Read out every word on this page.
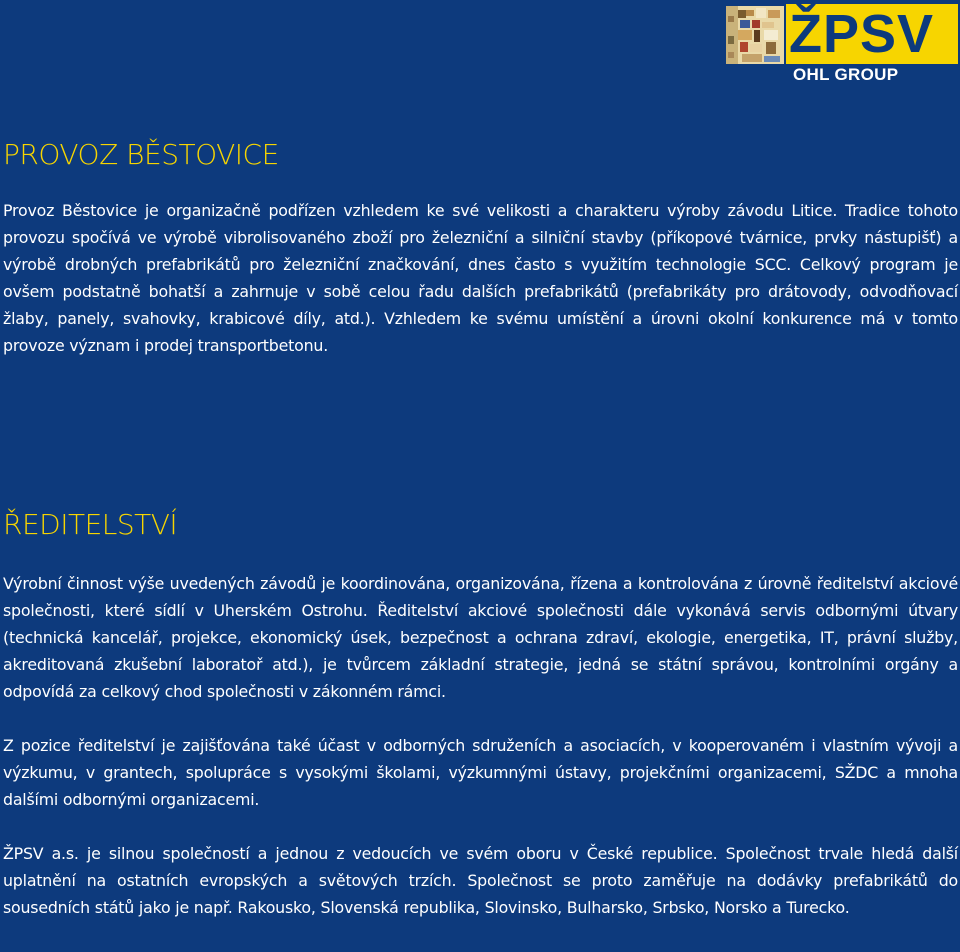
ŽPSV
OHL GROUP
PROVOZ BĚSTOVICE

Provoz Běstovice je organizačně podřízen vzhledem ke své velikosti a charakteru výroby závodu Litice. Tradice tohoto provozu spočívá ve výrobě vibrolisovaného zboží pro železniční a silniční stavby (příkopové tvárnice, prvky nástupišť) a výrobě drobných prefabrikátů pro železniční značkování, dnes často s využitím technologie SCC. Celkový program je ovšem podstatně bohatší a zahrnuje v sobě celou řadu dalších prefabrikátů (prefabrikáty pro drátovody, odvodňovací žlaby, panely, svahovky, krabicové díly, atd.). Vzhledem ke svému umístění a úrovni okolní konkurence má v tomto provoze význam i prodej transportbetonu.

ŘEDITELSTVÍ

Výrobní činnost výše uvedených závodů je koordinována, organizována, řízena a kontrolována z úrovně ředitelství akciové společnosti, které sídlí v Uherském Ostrohu. Ředitelství akciové společnosti dále vykonává servis odbornými útvary (technická kancelář, projekce, ekonomický úsek, bezpečnost a ochrana zdraví, ekologie, energetika, IT, právní služby, akreditovaná zkušební laboratoř atd.), je tvůrcem základní strategie, jedná se státní správou, kontrolními orgány a odpovídá za celkový chod společnosti v zákonném rámci.

Z pozice ředitelství je zajišťována také účast v odborných sdruženích a asociacích, v kooperovaném i vlastním vývoji a výzkumu, v grantech, spolupráce s vysokými školami, výzkumnými ústavy, projekčními organizacemi, SŽDC a mnoha dalšími odbornými organizacemi.

ŽPSV a.s. je silnou společností a jednou z vedoucích ve svém oboru v České republice. Společnost trvale hledá další uplatnění na ostatních evropských a světových trzích. Společnost se proto zaměřuje na dodávky prefabrikátů do sousedních států jako je např. Rakousko, Slovenská republika, Slovinsko, Bulharsko, Srbsko, Norsko a Turecko.
